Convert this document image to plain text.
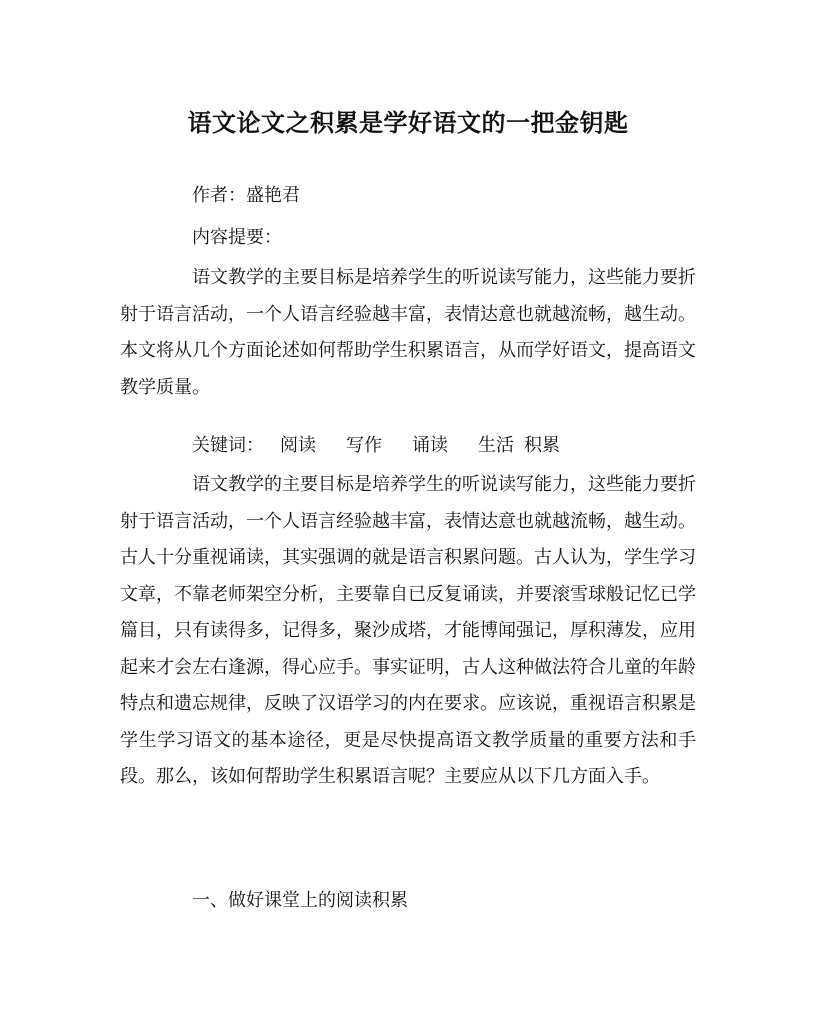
语文论文之积累是学好语文的一把金钥匙
作者：盛艳君
内容提要：
语文教学的主要目标是培养学生的听说读写能力，这些能力要折射于语言活动，一个人语言经验越丰富，表情达意也就越流畅，越生动。本文将从几个方面论述如何帮助学生积累语言，从而学好语文，提高语文教学质量。
关键词： 阅读 写作 诵读 生活 积累
语文教学的主要目标是培养学生的听说读写能力，这些能力要折射于语言活动，一个人语言经验越丰富，表情达意也就越流畅，越生动。古人十分重视诵读，其实强调的就是语言积累问题。古人认为，学生学习文章，不靠老师架空分析，主要靠自已反复诵读，并要滚雪球般记忆已学篇目，只有读得多，记得多，聚沙成塔，才能博闻强记，厚积薄发，应用起来才会左右逢源，得心应手。事实证明，古人这种做法符合儿童的年龄特点和遗忘规律，反映了汉语学习的内在要求。应该说，重视语言积累是学生学习语文的基本途径，更是尽快提高语文教学质量的重要方法和手段。那么，该如何帮助学生积累语言呢？主要应从以下几方面入手。
一、做好课堂上的阅读积累
